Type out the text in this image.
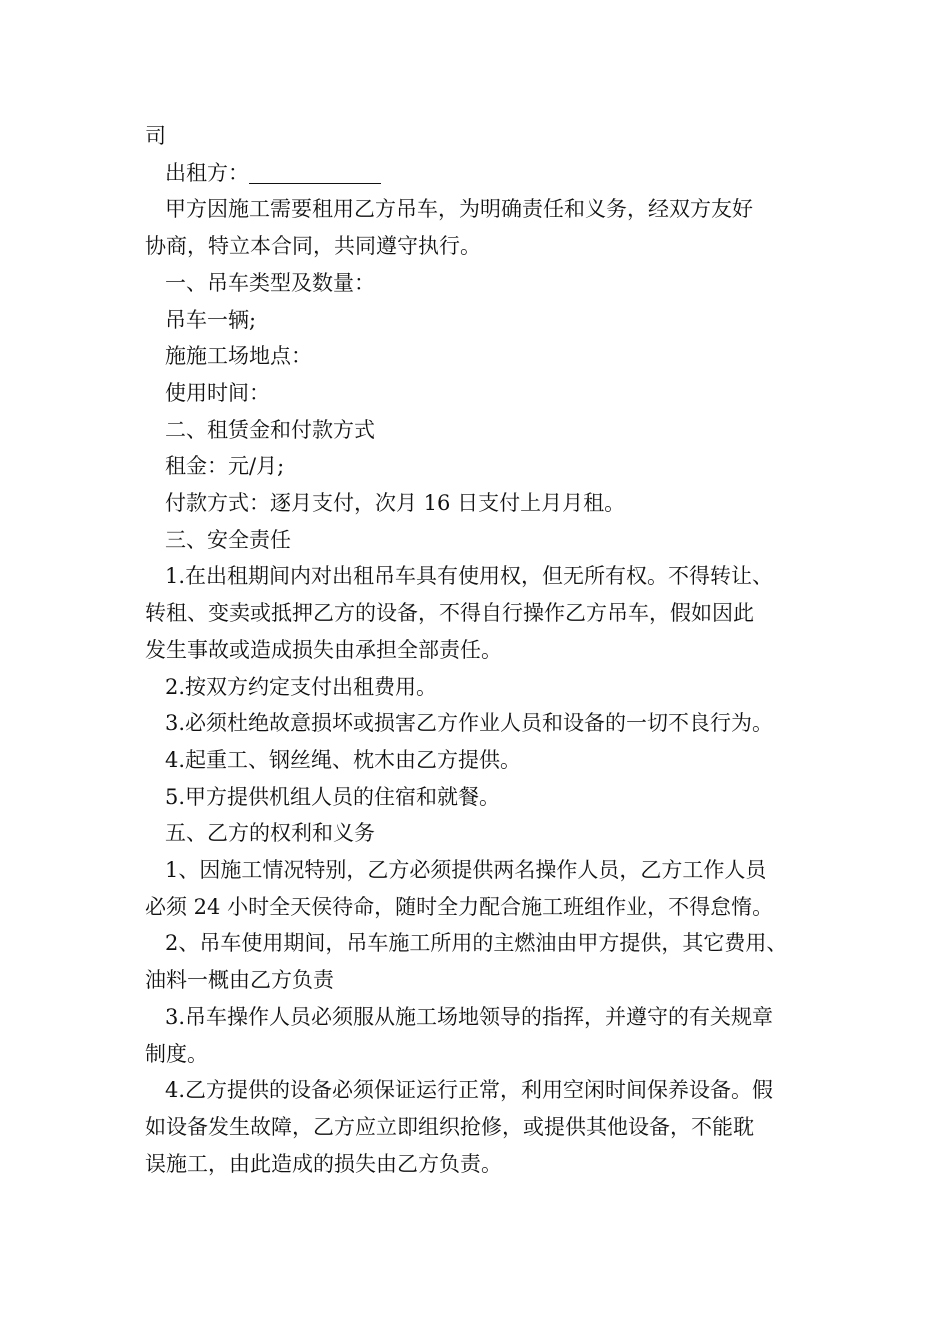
司
出租方：
甲方因施工需要租用乙方吊车，为明确责任和义务，经双方友好
协商，特立本合同，共同遵守执行。
一、吊车类型及数量：
吊车一辆;
施施工场地点：
使用时间：
二、租赁金和付款方式
租金：元/月;
付款方式：逐月支付，次月 16 日支付上月月租。
三、安全责任
1.在出租期间内对出租吊车具有使用权，但无所有权。不得转让、
转租、变卖或抵押乙方的设备，不得自行操作乙方吊车，假如因此
发生事故或造成损失由承担全部责任。
2.按双方约定支付出租费用。
3.必须杜绝故意损坏或损害乙方作业人员和设备的一切不良行为。
4.起重工、钢丝绳、枕木由乙方提供。
5.甲方提供机组人员的住宿和就餐。
五、乙方的权利和义务
1、因施工情况特别，乙方必须提供两名操作人员，乙方工作人员
必须 24 小时全天侯待命，随时全力配合施工班组作业，不得怠惰。
2、吊车使用期间，吊车施工所用的主燃油由甲方提供，其它费用、
油料一概由乙方负责
3.吊车操作人员必须服从施工场地领导的指挥，并遵守的有关规章
制度。
4.乙方提供的设备必须保证运行正常，利用空闲时间保养设备。假
如设备发生故障，乙方应立即组织抢修，或提供其他设备，不能耽
误施工，由此造成的损失由乙方负责。
